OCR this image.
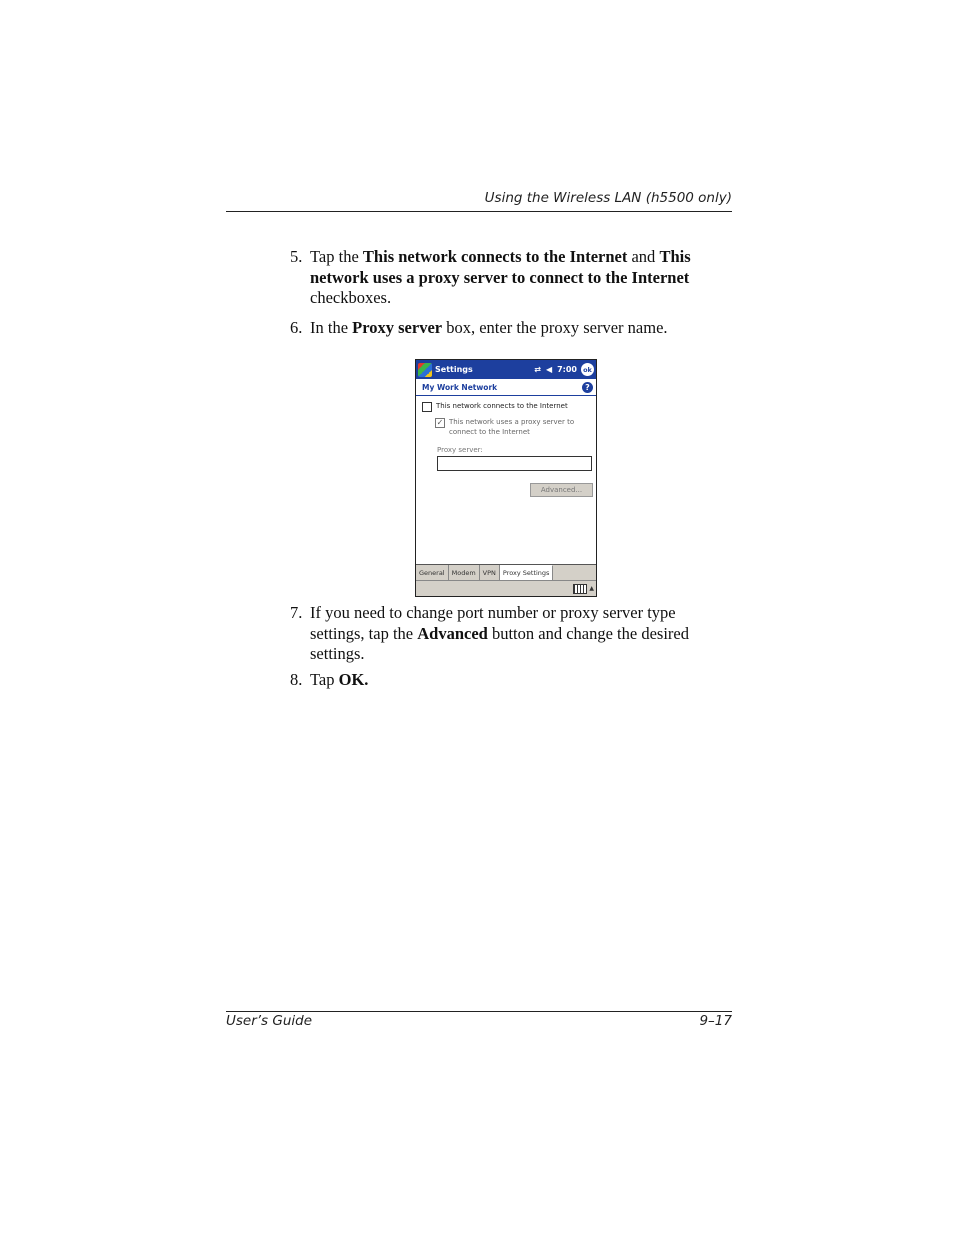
Using the Wireless LAN (h5500 only)
5. Tap the This network connects to the Internet and This network uses a proxy server to connect to the Internet checkboxes.
6. In the Proxy server box, enter the proxy server name.
Settings	⇄ ◀︎ 7:00 ok
My Work Network	?
This network connects to the Internet
✓ This network uses a proxy server to
connect to the Internet
Proxy server:
Advanced...
General	Modem	VPN	Proxy Settings
▲
7. If you need to change port number or proxy server type settings, tap the Advanced button and change the desired settings.
8. Tap OK.
User’s Guide	9–17
